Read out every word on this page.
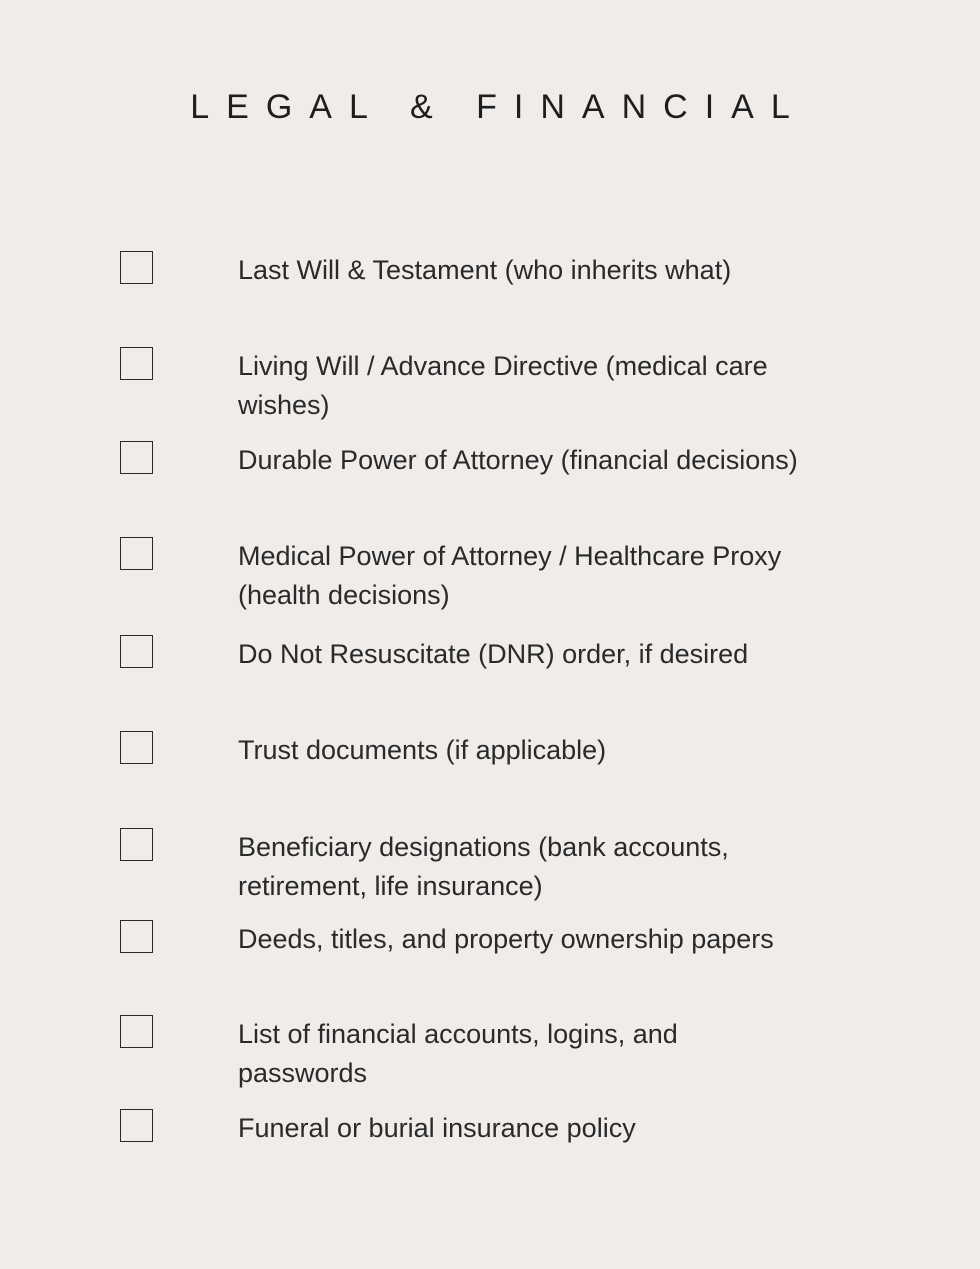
LEGAL & FINANCIAL
Last Will & Testament (who inherits what)
Living Will / Advance Directive (medical care wishes)
Durable Power of Attorney (financial decisions)
Medical Power of Attorney / Healthcare Proxy (health decisions)
Do Not Resuscitate (DNR) order, if desired
Trust documents (if applicable)
Beneficiary designations (bank accounts, retirement, life insurance)
Deeds, titles, and property ownership papers
List of financial accounts, logins, and passwords
Funeral or burial insurance policy
